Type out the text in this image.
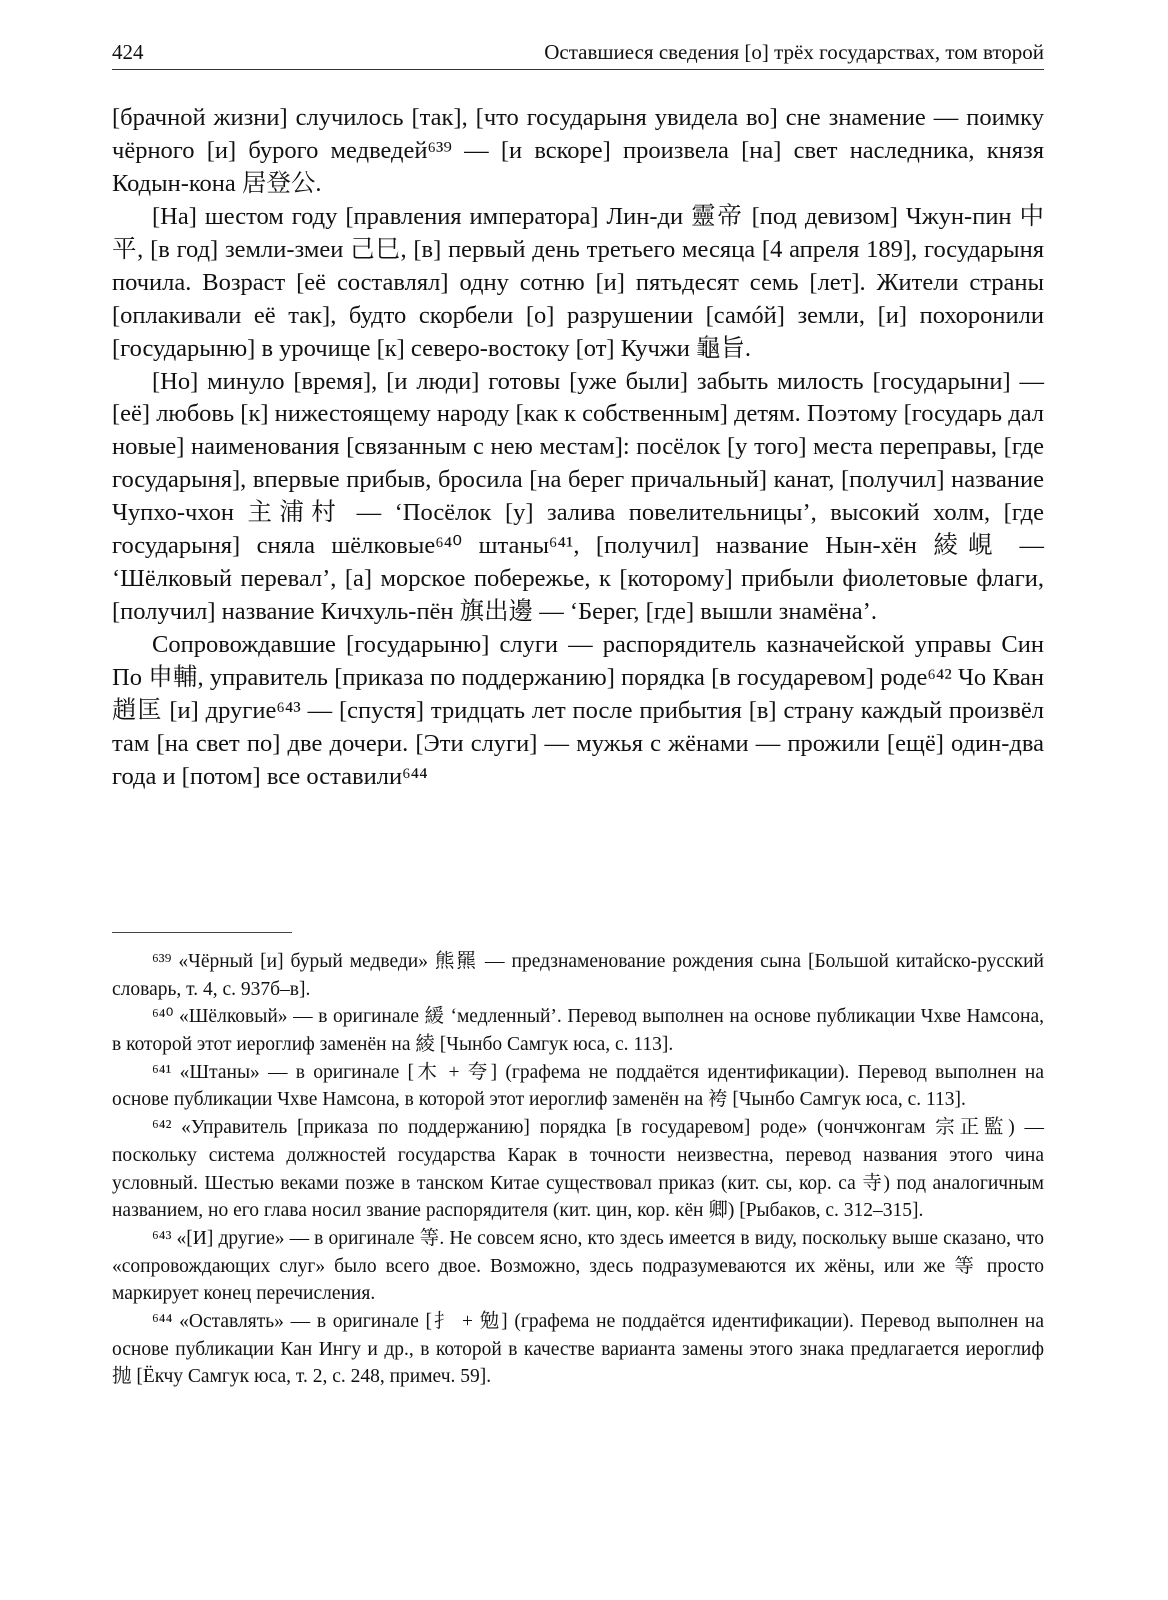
424	Оставшиеся сведения [о] трёх государствах, том второй

[брачной жизни] случилось [так], [что государыня увидела во] сне знамение — поимку чёрного [и] бурого медведей⁶³⁹ — [и вскоре] произвела [на] свет наследника, князя Кодын-кона 居登公.

[На] шестом году [правления императора] Лин-ди 靈帝 [под девизом] Чжун-пин 中平, [в год] земли-змеи 己巳, [в] первый день третьего месяца [4 апреля 189], государыня почила. Возраст [её составлял] одну сотню [и] пятьдесят семь [лет]. Жители страны [оплакивали её так], будто скорбели [о] разрушении [самóй] земли, [и] похоронили [государыню] в урочище [к] северо-востоку [от] Кучжи 龜旨.

[Но] минуло [время], [и люди] готовы [уже были] забыть милость [государыни] — [её] любовь [к] нижестоящему народу [как к собственным] детям. Поэтому [государь дал новые] наименования [связанным с нею местам]: посёлок [у того] места переправы, [где государыня], впервые прибыв, бросила [на берег причальный] канат, [получил] название Чупхо-чхон 主浦村 — ‘Посёлок [у] залива повелительницы’, высокий холм, [где государыня] сняла шёлковые⁶⁴⁰ штаны⁶⁴¹, [получил] название Нын-хён 綾峴 — ‘Шёлковый перевал’, [а] морское побережье, к [которому] прибыли фиолетовые флаги, [получил] название Кичхуль-пён 旗出邊 — ‘Берег, [где] вышли знамёна’.

Сопровождавшие [государыню] слуги — распорядитель казначейской управы Син По 申輔, управитель [приказа по поддержанию] порядка [в государевом] роде⁶⁴² Чо Кван 趙匡 [и] другие⁶⁴³ — [спустя] тридцать лет после прибытия [в] страну каждый произвёл там [на свет по] две дочери. [Эти слуги] — мужья с жёнами — прожили [ещё] один-два года и [потом] все оставили⁶⁴⁴

⁶³⁹ «Чёрный [и] бурый медведи» 熊羆 — предзнаменование рождения сына [Большой китайско-русский словарь, т. 4, с. 937б–в].

⁶⁴⁰ «Шёлковый» — в оригинале 緩 ‘медленный’. Перевод выполнен на основе публикации Чхве Намсона, в которой этот иероглиф заменён на 綾 [Чынбо Самгук юса, с. 113].

⁶⁴¹ «Штаны» — в оригинале [木 + 夸] (графема не поддаётся идентификации). Перевод выполнен на основе публикации Чхве Намсона, в которой этот иероглиф заменён на 袴 [Чынбо Самгук юса, с. 113].

⁶⁴² «Управитель [приказа по поддержанию] порядка [в государевом] роде» (чончжонгам 宗正監) — поскольку система должностей государства Карак в точности неизвестна, перевод названия этого чина условный. Шестью веками позже в танском Китае существовал приказ (кит. сы, кор. са 寺) под аналогичным названием, но его глава носил звание распорядителя (кит. цин, кор. кён 卿) [Рыбаков, с. 312–315].

⁶⁴³ «[И] другие» — в оригинале 等. Не совсем ясно, кто здесь имеется в виду, поскольку выше сказано, что «сопровождающих слуг» было всего двое. Возможно, здесь подразумеваются их жёны, или же 等 просто маркирует конец перечисления.

⁶⁴⁴ «Оставлять» — в оригинале [扌 + 勉] (графема не поддаётся идентификации). Перевод выполнен на основе публикации Кан Ингу и др., в которой в качестве варианта замены этого знака предлагается иероглиф 抛 [Ёкчу Самгук юса, т. 2, с. 248, примеч. 59].
